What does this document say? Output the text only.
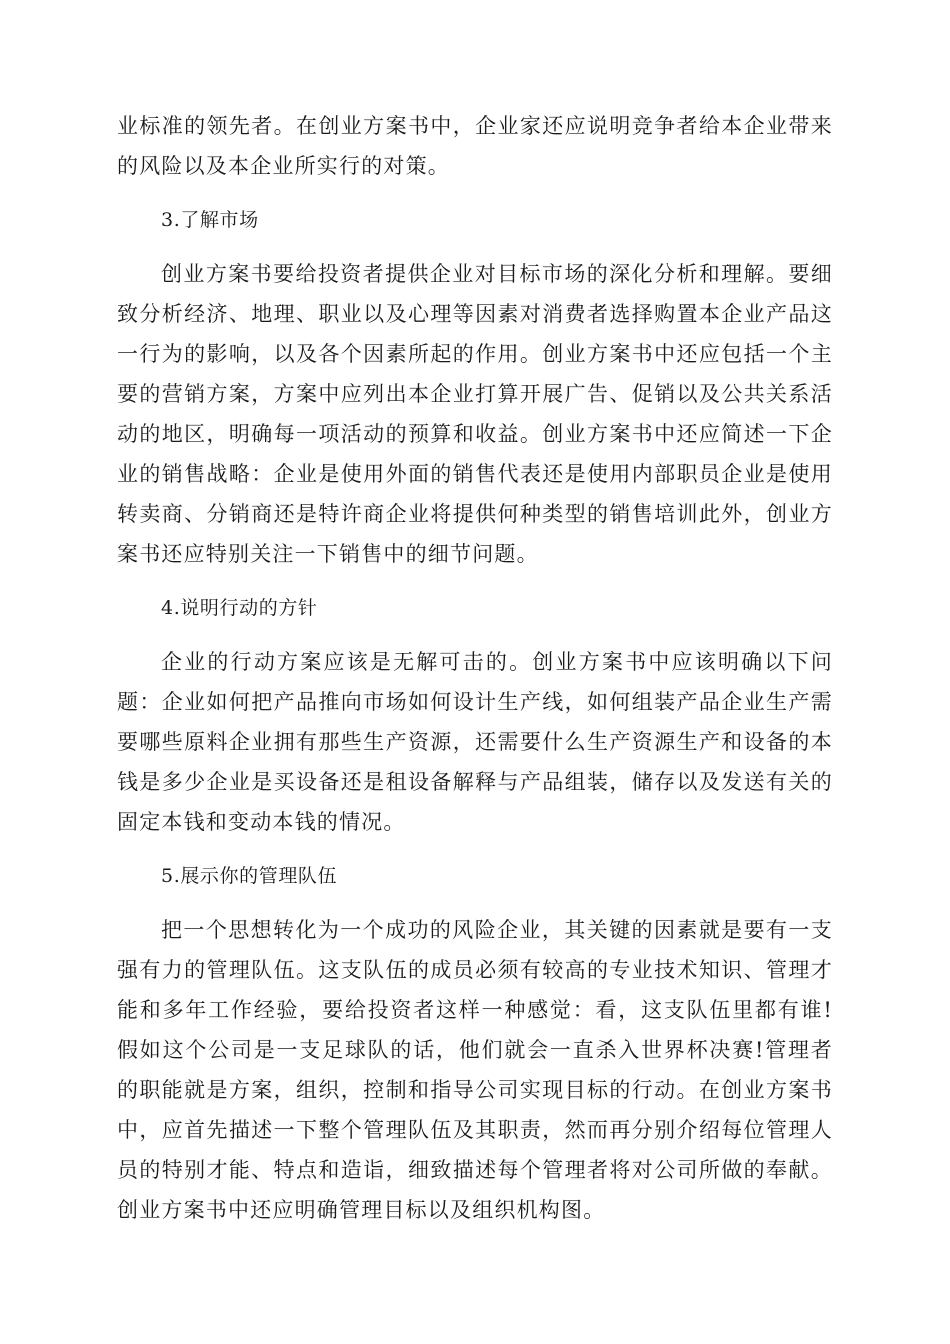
业标准的领先者。在创业方案书中，企业家还应说明竞争者给本企业带来的风险以及本企业所实行的对策。

3.了解市场

创业方案书要给投资者提供企业对目标市场的深化分析和理解。要细致分析经济、地理、职业以及心理等因素对消费者选择购置本企业产品这一行为的影响，以及各个因素所起的作用。创业方案书中还应包括一个主要的营销方案，方案中应列出本企业打算开展广告、促销以及公共关系活动的地区，明确每一项活动的预算和收益。创业方案书中还应简述一下企业的销售战略：企业是使用外面的销售代表还是使用内部职员企业是使用转卖商、分销商还是特许商企业将提供何种类型的销售培训此外，创业方案书还应特别关注一下销售中的细节问题。

4.说明行动的方针

企业的行动方案应该是无解可击的。创业方案书中应该明确以下问题：企业如何把产品推向市场如何设计生产线，如何组装产品企业生产需要哪些原料企业拥有那些生产资源，还需要什么生产资源生产和设备的本钱是多少企业是买设备还是租设备解释与产品组装，储存以及发送有关的固定本钱和变动本钱的情况。

5.展示你的管理队伍

把一个思想转化为一个成功的风险企业，其关键的因素就是要有一支强有力的管理队伍。这支队伍的成员必须有较高的专业技术知识、管理才能和多年工作经验，要给投资者这样一种感觉：看，这支队伍里都有谁!假如这个公司是一支足球队的话，他们就会一直杀入世界杯决赛!管理者的职能就是方案，组织，控制和指导公司实现目标的行动。在创业方案书中，应首先描述一下整个管理队伍及其职责，然而再分别介绍每位管理人员的特别才能、特点和造诣，细致描述每个管理者将对公司所做的奉献。创业方案书中还应明确管理目标以及组织机构图。
